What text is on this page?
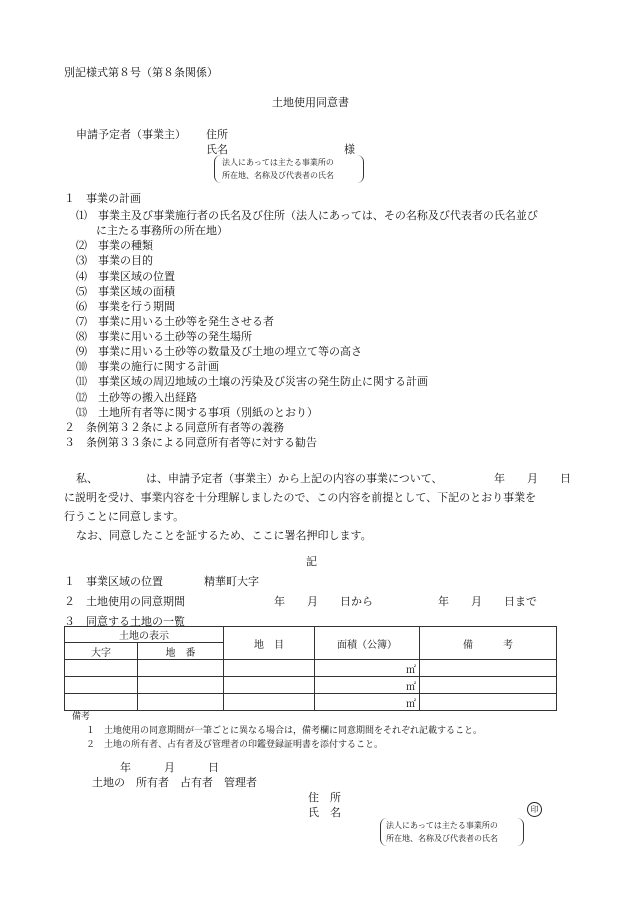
別記様式第８号（第８条関係）
土地使用同意書
申請予定者（事業主） 住所
氏名	様
法人にあっては主たる事業所の
所在地、名称及び代表者の氏名
１　事業の計画
⑴　事業主及び事業施行者の氏名及び住所（法人にあっては、その名称及び代表者の氏名並び
に主たる事務所の所在地）
⑵　事業の種類
⑶　事業の目的
⑷　事業区域の位置
⑸　事業区域の面積
⑹　事業を行う期間
⑺　事業に用いる土砂等を発生させる者
⑻　事業に用いる土砂等の発生場所
⑼　事業に用いる土砂等の数量及び土地の埋立て等の高さ
⑽　事業の施行に関する計画
⑾　事業区域の周辺地域の土壌の汚染及び災害の発生防止に関する計画
⑿　土砂等の搬入出経路
⒀　土地所有者等に関する事項（別紙のとおり）
２　条例第３２条による同意所有者等の義務
３　条例第３３条による同意所有者等に対する勧告
私、	は、申請予定者（事業主）から上記の内容の事業について、	年　　月　　日
に説明を受け、事業内容を十分理解しましたので、この内容を前提として、下記のとおり事業を
行うことに同意します。
なお、同意したことを証するため、ここに署名押印します。
記
１　事業区域の位置	精華町大字
２　土地使用の同意期間	年　　月　　日から	年　　月　　日まで
３　同意する土地の一覧
土地の表示		地　目	面積（公簿）	備　　　考
大字	地　番			
			㎡	
			㎡	
			㎡	
備考
１　土地使用の同意期間が一筆ごとに異なる場合は，備考欄に同意期間をそれぞれ記載すること。
２　土地の所有者、占有者及び管理者の印鑑登録証明書を添付すること。
年　　　月　　　日
土地の　所有者　占有者　管理者
住　所
氏　名	印
法人にあっては主たる事業所の
所在地、名称及び代表者の氏名
